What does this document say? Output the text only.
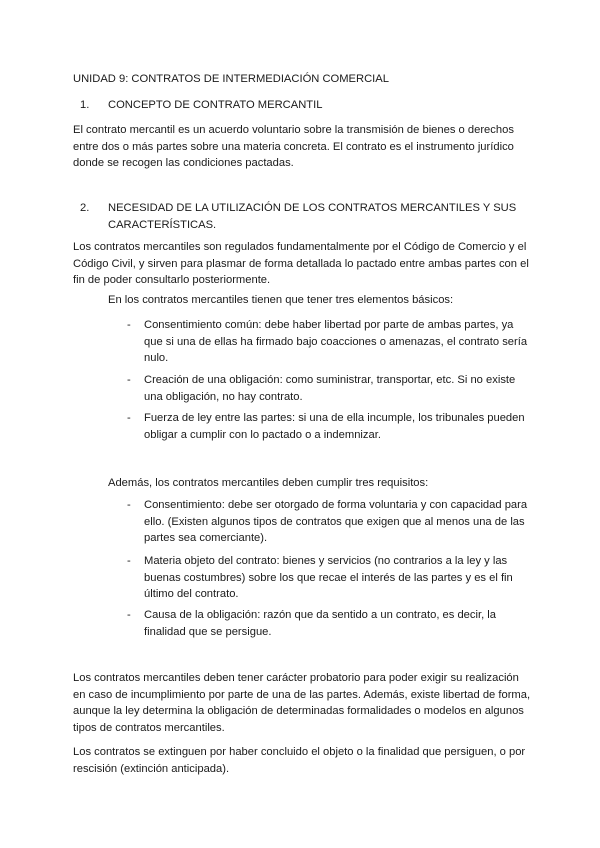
UNIDAD 9: CONTRATOS DE INTERMEDIACIÓN COMERCIAL

1. CONCEPTO DE CONTRATO MERCANTIL

El contrato mercantil es un acuerdo voluntario sobre la transmisión de bienes o derechos entre dos o más partes sobre una materia concreta. El contrato es el instrumento jurídico donde se recogen las condiciones pactadas.

2. NECESIDAD DE LA UTILIZACIÓN DE LOS CONTRATOS MERCANTILES Y SUS CARACTERÍSTICAS.

Los contratos mercantiles son regulados fundamentalmente por el Código de Comercio y el Código Civil, y sirven para plasmar de forma detallada lo pactado entre ambas partes con el fin de poder consultarlo posteriormente.

En los contratos mercantiles tienen que tener tres elementos básicos:

- Consentimiento común: debe haber libertad por parte de ambas partes, ya que si una de ellas ha firmado bajo coacciones o amenazas, el contrato sería nulo.

- Creación de una obligación: como suministrar, transportar, etc. Si no existe una obligación, no hay contrato.

- Fuerza de ley entre las partes: si una de ella incumple, los tribunales pueden obligar a cumplir con lo pactado o a indemnizar.

Además, los contratos mercantiles deben cumplir tres requisitos:

- Consentimiento: debe ser otorgado de forma voluntaria y con capacidad para ello. (Existen algunos tipos de contratos que exigen que al menos una de las partes sea comerciante).

- Materia objeto del contrato: bienes y servicios (no contrarios a la ley y las buenas costumbres) sobre los que recae el interés de las partes y es el fin último del contrato.

- Causa de la obligación: razón que da sentido a un contrato, es decir, la finalidad que se persigue.

Los contratos mercantiles deben tener carácter probatorio para poder exigir su realización en caso de incumplimiento por parte de una de las partes. Además, existe libertad de forma, aunque la ley determina la obligación de determinadas formalidades o modelos en algunos tipos de contratos mercantiles.

Los contratos se extinguen por haber concluido el objeto o la finalidad que persiguen, o por rescisión (extinción anticipada).
